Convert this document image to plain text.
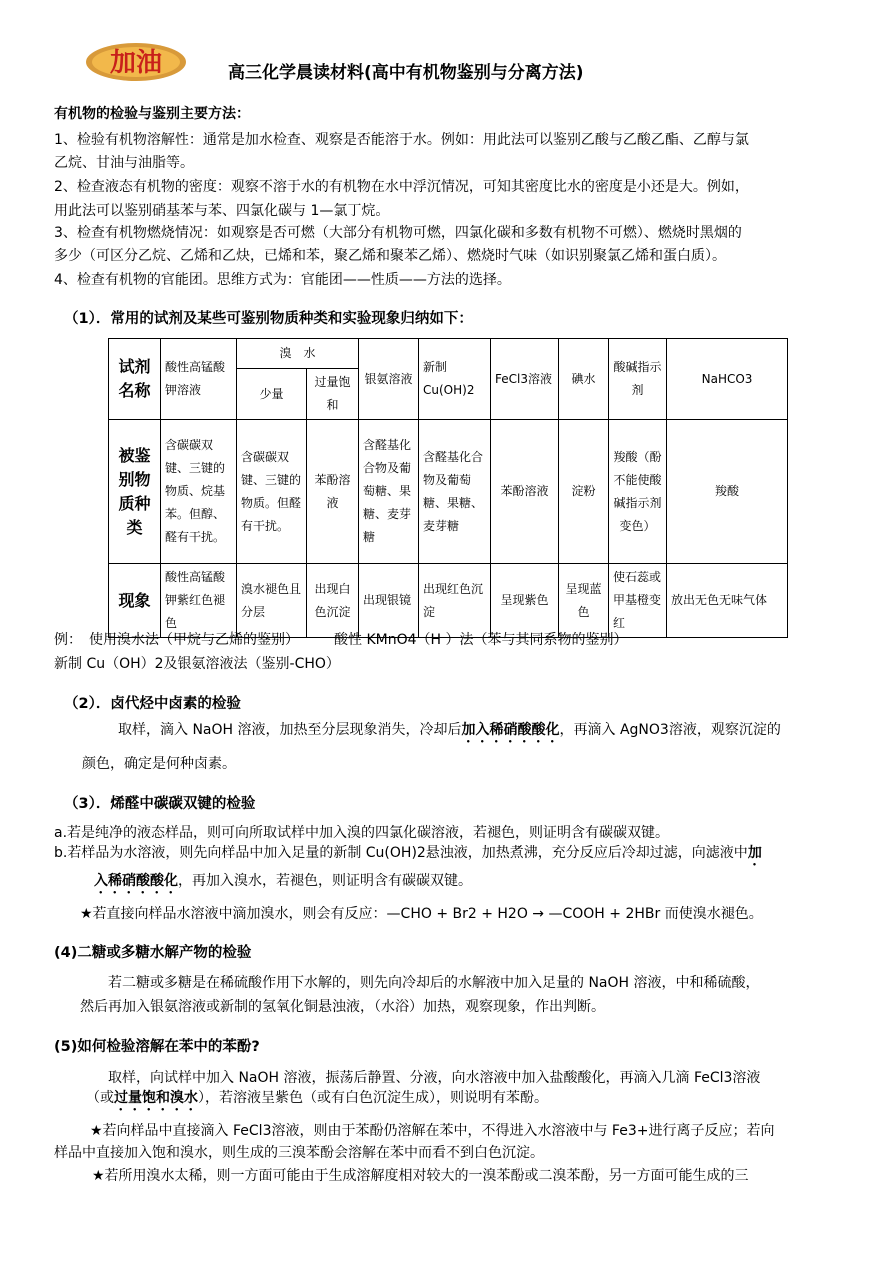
加油	高三化学晨读材料(高中有机物鉴别与分离方法)
有机物的检验与鉴别主要方法：
1、检验有机物溶解性：通常是加水检查、观察是否能溶于水。例如：用此法可以鉴别乙酸与乙酸乙酯、乙醇与氯
乙烷、甘油与油脂等。
2、检查液态有机物的密度：观察不溶于水的有机物在水中浮沉情况，可知其密度比水的密度是小还是大。例如，
用此法可以鉴别硝基苯与苯、四氯化碳与 1—氯丁烷。
3、检查有机物燃烧情况：如观察是否可燃（大部分有机物可燃，四氯化碳和多数有机物不可燃）、燃烧时黑烟的
多少（可区分乙烷、乙烯和乙炔，已烯和苯，聚乙烯和聚苯乙烯）、燃烧时气味（如识别聚氯乙烯和蛋白质）。
4、检查有机物的官能团。思维方式为：官能团——性质——方法的选择。
（1）．常用的试剂及某些可鉴别物质种类和实验现象归纳如下：
试剂名称	酸性高锰酸钾溶液	溴　水		银氨溶液	新制Cu(OH)2	FeCl3溶液	碘水	酸碱指示剂	NaHCO3
		少量	过量饱和						
被鉴别物质种类	含碳碳双键、三键的物质、烷基苯。但醇、醛有干扰。	含碳碳双键、三键的物质。但醛有干扰。	苯酚溶液	含醛基化合物及葡萄糖、果糖、麦芽糖	含醛基化合物及葡萄糖、果糖、麦芽糖	苯酚溶液	淀粉	羧酸（酚不能使酸碱指示剂变色）	羧酸
现象	酸性高锰酸钾紫红色褪色	溴水褪色且分层	出现白色沉淀	出现银镜	出现红色沉淀	呈现紫色	呈现蓝色	使石蕊或甲基橙变红	放出无色无味气体
例：　使用溴水法（甲烷与乙烯的鉴别）　　　酸性 KMnO4（H ）法（苯与其同系物的鉴别）
新制 Cu（OH）2及银氨溶液法（鉴别-CHO）
（2）．卤代烃中卤素的检验
取样，滴入 NaOH 溶液，加热至分层现象消失，冷却后加入稀硝酸酸化，再滴入 AgNO3溶液，观察沉淀的
颜色，确定是何种卤素。
（3）．烯醛中碳碳双键的检验
a.若是纯净的液态样品，则可向所取试样中加入溴的四氯化碳溶液，若褪色，则证明含有碳碳双键。
b.若样品为水溶液，则先向样品中加入足量的新制 Cu(OH)2悬浊液，加热煮沸，充分反应后冷却过滤，向滤液中加
入稀硝酸酸化，再加入溴水，若褪色，则证明含有碳碳双键。
★若直接向样品水溶液中滴加溴水，则会有反应：—CHO + Br2 + H2O → —COOH + 2HBr 而使溴水褪色。
(4)二糖或多糖水解产物的检验
若二糖或多糖是在稀硫酸作用下水解的，则先向冷却后的水解液中加入足量的 NaOH 溶液，中和稀硫酸，
然后再加入银氨溶液或新制的氢氧化铜悬浊液，（水浴）加热，观察现象，作出判断。
(5)如何检验溶解在苯中的苯酚?
取样，向试样中加入 NaOH 溶液，振荡后静置、分液，向水溶液中加入盐酸酸化，再滴入几滴 FeCl3溶液
（或过量饱和溴水），若溶液呈紫色（或有白色沉淀生成），则说明有苯酚。
★若向样品中直接滴入 FeCl3溶液，则由于苯酚仍溶解在苯中，不得进入水溶液中与 Fe3+进行离子反应；若向
样品中直接加入饱和溴水，则生成的三溴苯酚会溶解在苯中而看不到白色沉淀。
★若所用溴水太稀，则一方面可能由于生成溶解度相对较大的一溴苯酚或二溴苯酚，另一方面可能生成的三
